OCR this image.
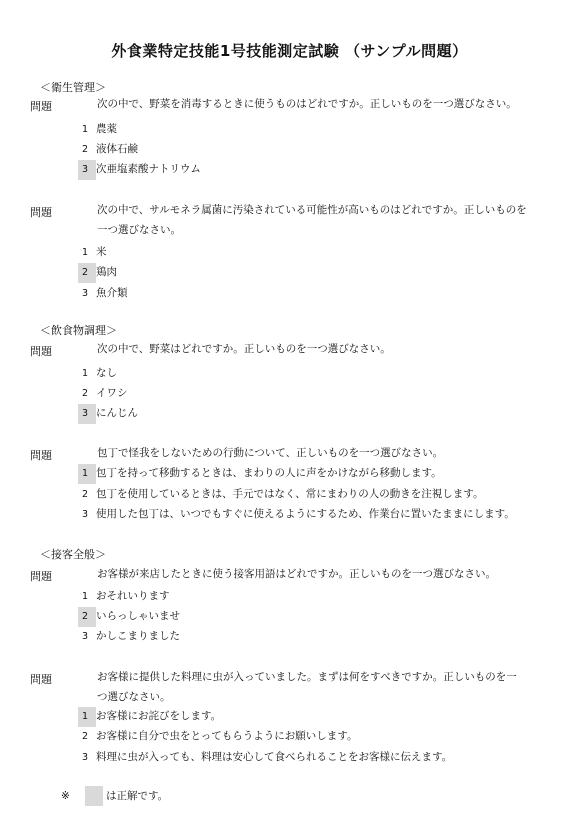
外食業特定技能1号技能測定試験 （サンプル問題）
＜衛生管理＞
問題	次の中で、野菜を消毒するときに使うものはどれですか。正しいものを一つ選びなさい。
1 農薬
2 液体石鹸
3 次亜塩素酸ナトリウム
問題	次の中で、サルモネラ属菌に汚染されている可能性が高いものはどれですか。正しいものを一つ選びなさい。
1 米
2 鶏肉
3 魚介類
＜飲食物調理＞
問題	次の中で、野菜はどれですか。正しいものを一つ選びなさい。
1 なし
2 イワシ
3 にんじん
問題	包丁で怪我をしないための行動について、正しいものを一つ選びなさい。
1 包丁を持って移動するときは、まわりの人に声をかけながら移動します。
2 包丁を使用しているときは、手元ではなく、常にまわりの人の動きを注視します。
3 使用した包丁は、いつでもすぐに使えるようにするため、作業台に置いたままにします。
＜接客全般＞
問題	お客様が来店したときに使う接客用語はどれですか。正しいものを一つ選びなさい。
1 おそれいります
2 いらっしゃいませ
3 かしこまりました
問題	お客様に提供した料理に虫が入っていました。まずは何をすべきですか。正しいものを一つ選びなさい。
1 お客様にお詫びをします。
2 お客様に自分で虫をとってもらうようにお願いします。
3 料理に虫が入っても、料理は安心して食べられることをお客様に伝えます。
※	は正解です。
